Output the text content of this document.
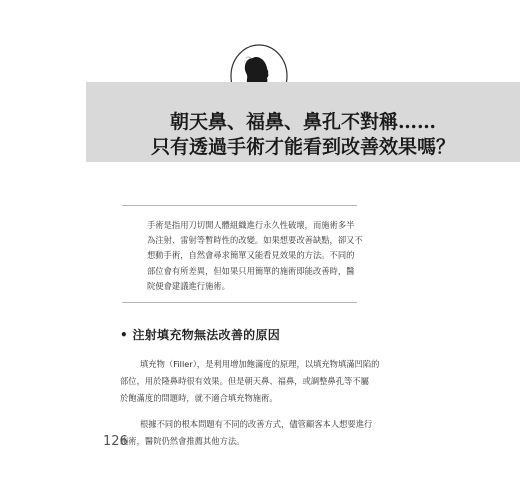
朝天鼻、福鼻、鼻孔不對稱……
只有透過手術才能看到改善效果嗎？
手術是指用刀切開人體組織進行永久性破壞，而施術多半
為注射、雷射等暫時性的改變。如果想要改善缺點，卻又不
想動手術，自然會尋求簡單又能看見效果的方法。不同的
部位會有所差異，但如果只用簡單的施術即能改善時，醫
院便會建議進行施術。
• 注射填充物無法改善的原因
填充物（Filler），是利用增加飽滿度的原理，以填充物填滿凹陷的
部位，用於隆鼻時很有效果。但是朝天鼻、福鼻，或調整鼻孔等不屬
於飽滿度的問題時，就不適合填充物施術。
根據不同的根本問題有不同的改善方式，儘管顧客本人想要進行
施術，醫院仍然會推薦其他方法。
126
